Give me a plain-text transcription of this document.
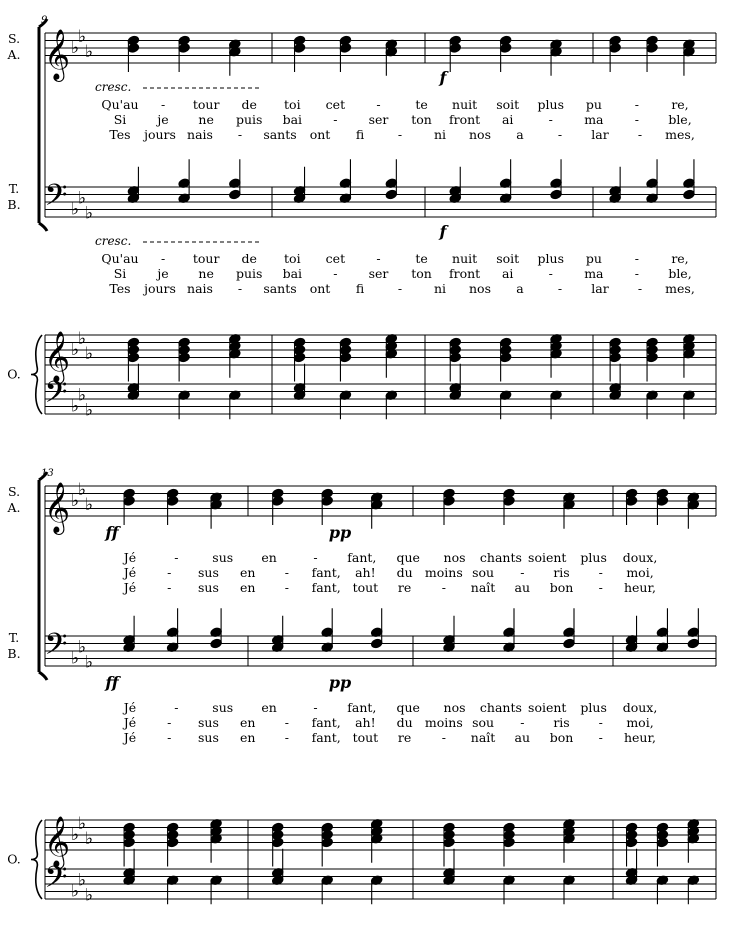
9
S.
A.
T.
B.
O.
𝄞 ♭
♭
♭
𝄢 ♭
♭
♭
𝄞 ♭
♭
♭
𝄢 ♭
♭
♭
cresc.
cresc.
f
f
Qu'au - tour de toi cet -	te nuit soit plus pu	-	re,
Si je ne puis bai - ser ton front ai	-	ma	- ble,
Tes jours nais - sants ont fi	-	ni nos a	- lar - mes,
Qu'au - tour de toi cet -	te nuit soit plus pu	-	re,
Si je ne puis bai - ser ton front ai	-	ma	- ble,
Tes jours nais - sants ont fi	-	ni nos a	- lar - mes,
13
S.
A.
T.
B.
O.
𝄞 ♭
♭
♭
𝄢 ♭
♭
♭
𝄞 ♭
♭
♭
𝄢 ♭
♭
♭
ff
ff
pp
pp
Jé	-	sus en	- fant, que nos chants soient plus doux,
Jé - sus en - fant, ah! du moins sou - ris - moi,
Jé - sus en - fant, tout re - naît au bon - heur,
Jé	-	sus en	- fant, que nos chants soient plus doux,
Jé - sus en - fant, ah! du moins sou - ris - moi,
Jé - sus en - fant, tout re - naît au bon - heur,
